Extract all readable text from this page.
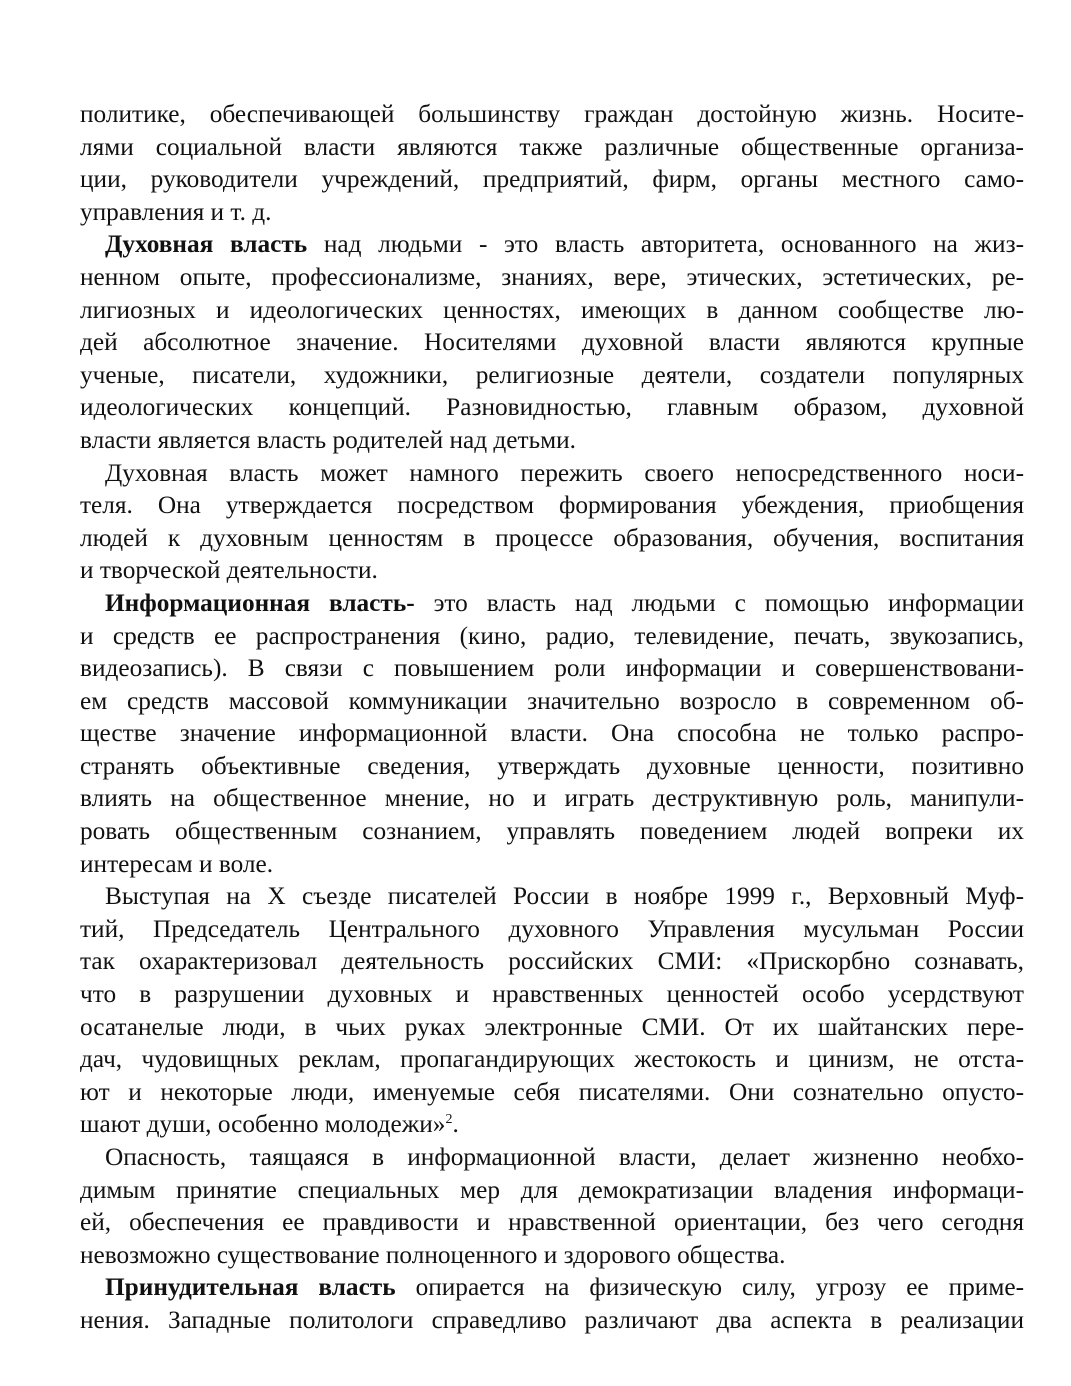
политике, обеспечивающей большинству граждан достойную жизнь. Носите-
лями социальной власти являются также различные общественные организа-
ции, руководители учреждений, предприятий, фирм, органы местного само-
управления и т. д.
Духовная власть над людьми - это власть авторитета, основанного на жиз-
ненном опыте, профессионализме, знаниях, вере, этических, эстетических, ре-
лигиозных и идеологических ценностях, имеющих в данном сообществе лю-
дей абсолютное значение. Носителями духовной власти являются крупные
ученые, писатели, художники, религиозные деятели, создатели популярных
идеологических концепций. Разновидностью, главным образом, духовной
власти является власть родителей над детьми.
Духовная власть может намного пережить своего непосредственного носи-
теля. Она утверждается посредством формирования убеждения, приобщения
людей к духовным ценностям в процессе образования, обучения, воспитания
и творческой деятельности.
Информационная власть- это власть над людьми с помощью информации
и средств ее распространения (кино, радио, телевидение, печать, звукозапись,
видеозапись). В связи с повышением роли информации и совершенствовани-
ем средств массовой коммуникации значительно возросло в современном об-
ществе значение информационной власти. Она способна не только распро-
странять объективные сведения, утверждать духовные ценности, позитивно
влиять на общественное мнение, но и играть деструктивную роль, манипули-
ровать общественным сознанием, управлять поведением людей вопреки их
интересам и воле.
Выступая на X съезде писателей России в ноябре 1999 г., Верховный Муф-
тий, Председатель Центрального духовного Управления мусульман России
так охарактеризовал деятельность российских СМИ: «Прискорбно сознавать,
что в разрушении духовных и нравственных ценностей особо усердствуют
осатанелые люди, в чьих руках электронные СМИ. От их шайтанских пере-
дач, чудовищных реклам, пропагандирующих жестокость и цинизм, не отста-
ют и некоторые люди, именуемые себя писателями. Они сознательно опусто-
шают души, особенно молодежи»$^2$.
Опасность, таящаяся в информационной власти, делает жизненно необхо-
димым принятие специальных мер для демократизации владения информаци-
ей, обеспечения ее правдивости и нравственной ориентации, без чего сегодня
невозможно существование полноценного и здорового общества.
Принудительная власть опирается на физическую силу, угрозу ее приме-
нения. Западные политологи справедливо различают два аспекта в реализации
